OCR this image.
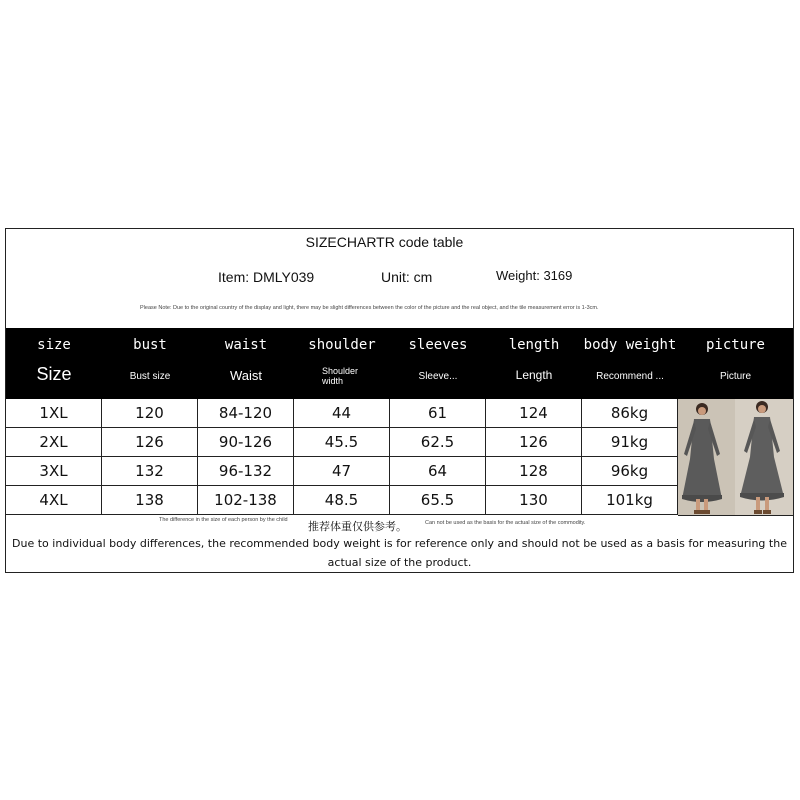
SIZECHARTR code table
Item: DMLY039	Unit: cm	Weight: 3169
Please Note: Due to the original country of the display and light, there may be slight differences between the color of the picture and the real object, and the tile measurement error is 1-3cm.
size	bust	waist	shoulder	sleeves	length	body weight	picture
Size	Bust size	Waist	Shoulder width	Sleeve...	Length	Recommend ...	Picture
1XL	120	84-120	44	61	124	86kg
2XL	126	90-126	45.5	62.5	126	91kg
3XL	132	96-132	47	64	128	96kg
4XL	138	102-138	48.5	65.5	130	101kg
The difference in the size of each person by the child	推荐体重仅供参考。	Can not be used as the basis for the actual size of the commodity.
Due to individual body differences, the recommended body weight is for reference only and should not be used as a basis for measuring the actual size of the product.
